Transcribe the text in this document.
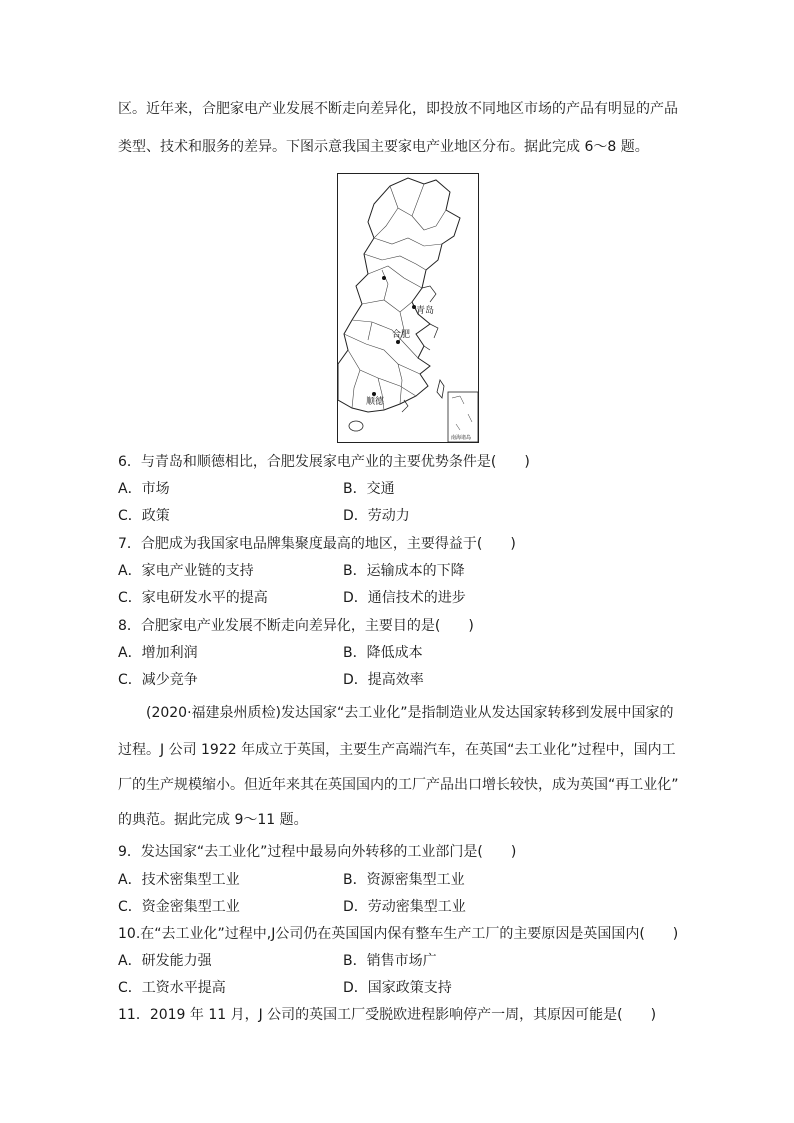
区。近年来，合肥家电产业发展不断走向差异化，即投放不同地区市场的产品有明显的产品
类型、技术和服务的差异。下图示意我国主要家电产业地区分布。据此完成 6～8 题。
青岛
合肥
顺德
南海诸岛
6．与青岛和顺德相比，合肥发展家电产业的主要优势条件是(　　)
A．市场	B．交通
C．政策	D．劳动力
7．合肥成为我国家电品牌集聚度最高的地区，主要得益于(　　)
A．家电产业链的支持	B．运输成本的下降
C．家电研发水平的提高	D．通信技术的进步
8．合肥家电产业发展不断走向差异化，主要目的是(　　)
A．增加利润	B．降低成本
C．减少竞争	D．提高效率
(2020·福建泉州质检)发达国家“去工业化”是指制造业从发达国家转移到发展中国家的
过程。J 公司 1922 年成立于英国，主要生产高端汽车，在英国“去工业化”过程中，国内工
厂的生产规模缩小。但近年来其在英国国内的工厂产品出口增长较快，成为英国“再工业化”
的典范。据此完成 9～11 题。
9．发达国家“去工业化”过程中最易向外转移的工业部门是(　　)
A．技术密集型工业	B．资源密集型工业
C．资金密集型工业	D．劳动密集型工业
10.在“去工业化”过程中,J公司仍在英国国内保有整车生产工厂的主要原因是英国国内(　　)
A．研发能力强	B．销售市场广
C．工资水平提高	D．国家政策支持
11．2019 年 11 月，J 公司的英国工厂受脱欧进程影响停产一周，其原因可能是(　　)
